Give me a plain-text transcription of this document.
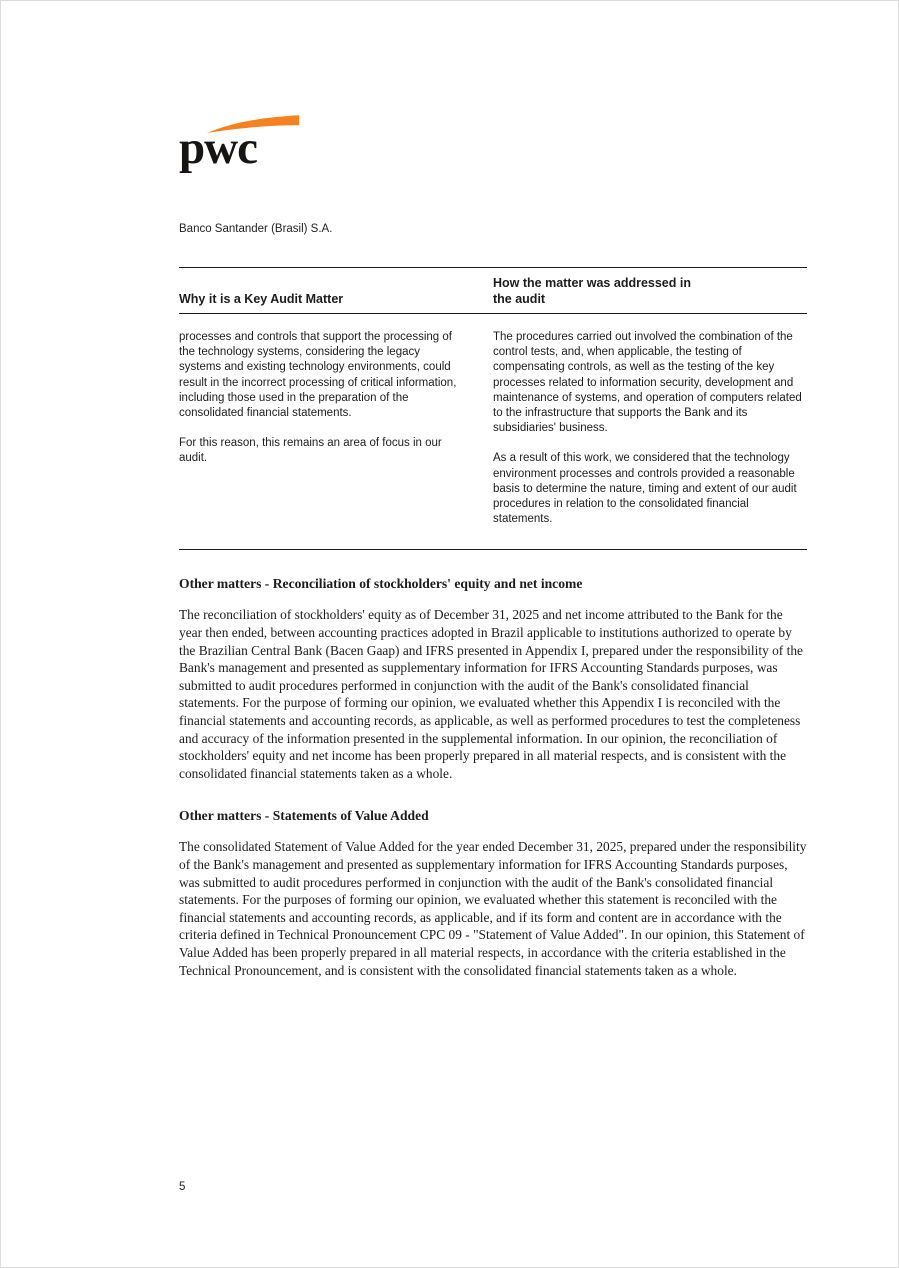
pwc
Banco Santander (Brasil) S.A.
Why it is a Key Audit Matter
How the matter was addressed in
the audit

processes and controls that support the processing of the technology systems, considering the legacy systems and existing technology environments, could result in the incorrect processing of critical information, including those used in the preparation of the consolidated financial statements.

For this reason, this remains an area of focus in our audit.

The procedures carried out involved the combination of the control tests, and, when applicable, the testing of compensating controls, as well as the testing of the key processes related to information security, development and maintenance of systems, and operation of computers related to the infrastructure that supports the Bank and its subsidiaries' business.

As a result of this work, we considered that the technology environment processes and controls provided a reasonable basis to determine the nature, timing and extent of our audit procedures in relation to the consolidated financial statements.

Other matters - Reconciliation of stockholders' equity and net income

The reconciliation of stockholders' equity as of December 31, 2025 and net income attributed to the Bank for the year then ended, between accounting practices adopted in Brazil applicable to institutions authorized to operate by the Brazilian Central Bank (Bacen Gaap) and IFRS presented in Appendix I, prepared under the responsibility of the Bank's management and presented as supplementary information for IFRS Accounting Standards purposes, was submitted to audit procedures performed in conjunction with the audit of the Bank's consolidated financial statements. For the purpose of forming our opinion, we evaluated whether this Appendix I is reconciled with the financial statements and accounting records, as applicable, as well as performed procedures to test the completeness and accuracy of the information presented in the supplemental information. In our opinion, the reconciliation of stockholders' equity and net income has been properly prepared in all material respects, and is consistent with the consolidated financial statements taken as a whole.

Other matters - Statements of Value Added

The consolidated Statement of Value Added for the year ended December 31, 2025, prepared under the responsibility of the Bank's management and presented as supplementary information for IFRS Accounting Standards purposes, was submitted to audit procedures performed in conjunction with the audit of the Bank's consolidated financial statements. For the purposes of forming our opinion, we evaluated whether this statement is reconciled with the financial statements and accounting records, as applicable, and if its form and content are in accordance with the criteria defined in Technical Pronouncement CPC 09 - "Statement of Value Added". In our opinion, this Statement of Value Added has been properly prepared in all material respects, in accordance with the criteria established in the Technical Pronouncement, and is consistent with the consolidated financial statements taken as a whole.

5
